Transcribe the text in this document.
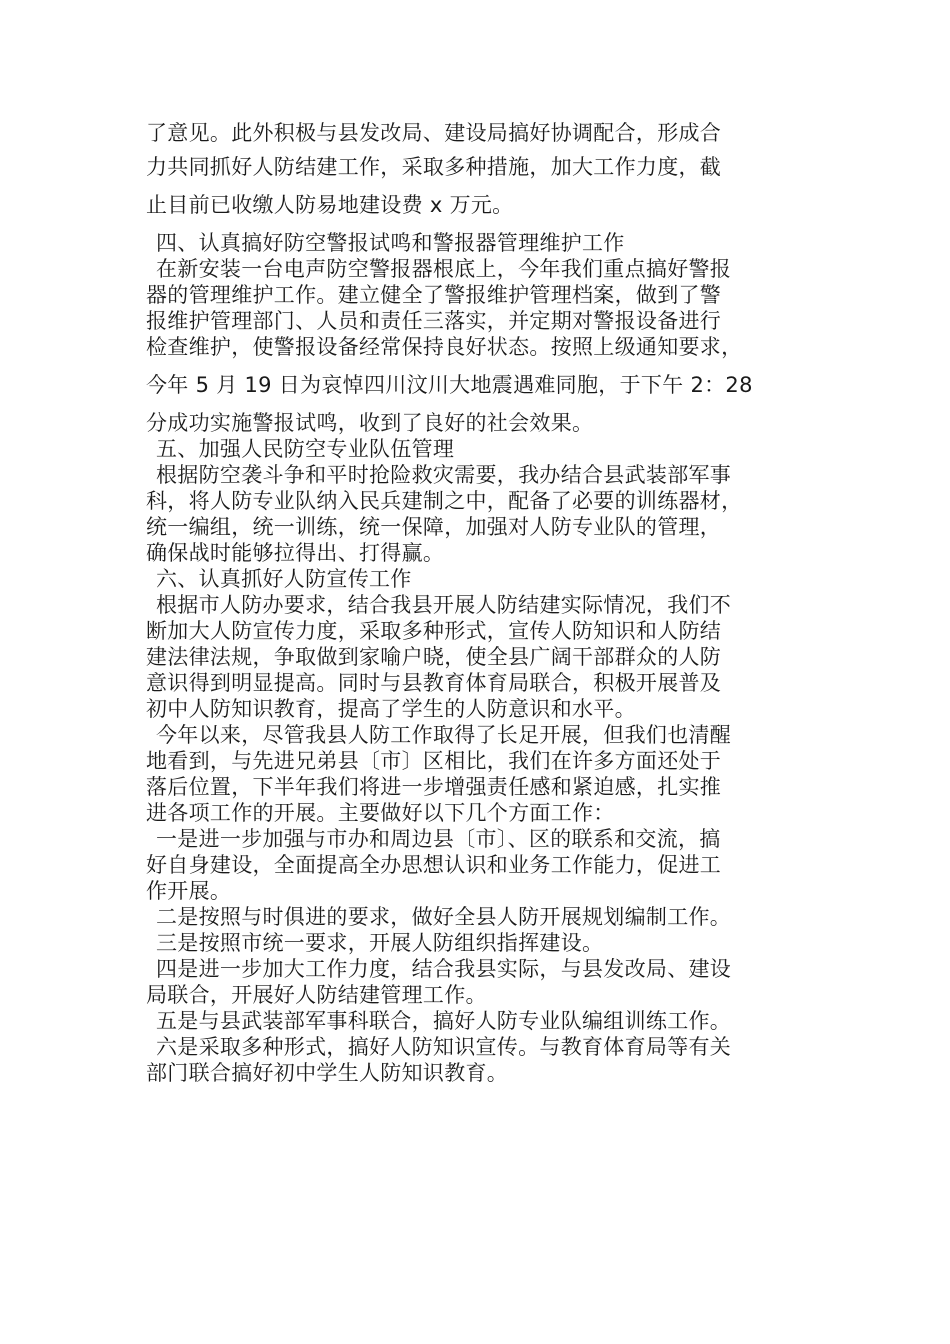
了意见。此外积极与县发改局、建设局搞好协调配合，形成合
力共同抓好人防结建工作，采取多种措施，加大工作力度，截
止目前已收缴人防易地建设费 x 万元。
四、认真搞好防空警报试鸣和警报器管理维护工作
在新安装一台电声防空警报器根底上，今年我们重点搞好警报
器的管理维护工作。建立健全了警报维护管理档案，做到了警
报维护管理部门、人员和责任三落实，并定期对警报设备进行
检查维护，使警报设备经常保持良好状态。按照上级通知要求，
今年 5 月 19 日为哀悼四川汶川大地震遇难同胞，于下午 2：28
分成功实施警报试鸣，收到了良好的社会效果。
五、加强人民防空专业队伍管理
根据防空袭斗争和平时抢险救灾需要，我办结合县武装部军事
科，将人防专业队纳入民兵建制之中，配备了必要的训练器材，
统一编组，统一训练，统一保障，加强对人防专业队的管理，
确保战时能够拉得出、打得赢。
六、认真抓好人防宣传工作
根据市人防办要求，结合我县开展人防结建实际情况，我们不
断加大人防宣传力度，采取多种形式，宣传人防知识和人防结
建法律法规，争取做到家喻户晓，使全县广阔干部群众的人防
意识得到明显提高。同时与县教育体育局联合，积极开展普及
初中人防知识教育，提高了学生的人防意识和水平。
今年以来，尽管我县人防工作取得了长足开展，但我们也清醒
地看到，与先进兄弟县〔市〕区相比，我们在许多方面还处于
落后位置，下半年我们将进一步增强责任感和紧迫感，扎实推
进各项工作的开展。主要做好以下几个方面工作：
一是进一步加强与市办和周边县〔市〕、区的联系和交流，搞
好自身建设，全面提高全办思想认识和业务工作能力，促进工
作开展。
二是按照与时俱进的要求，做好全县人防开展规划编制工作。
三是按照市统一要求，开展人防组织指挥建设。
四是进一步加大工作力度，结合我县实际，与县发改局、建设
局联合，开展好人防结建管理工作。
五是与县武装部军事科联合，搞好人防专业队编组训练工作。
六是采取多种形式，搞好人防知识宣传。与教育体育局等有关
部门联合搞好初中学生人防知识教育。
